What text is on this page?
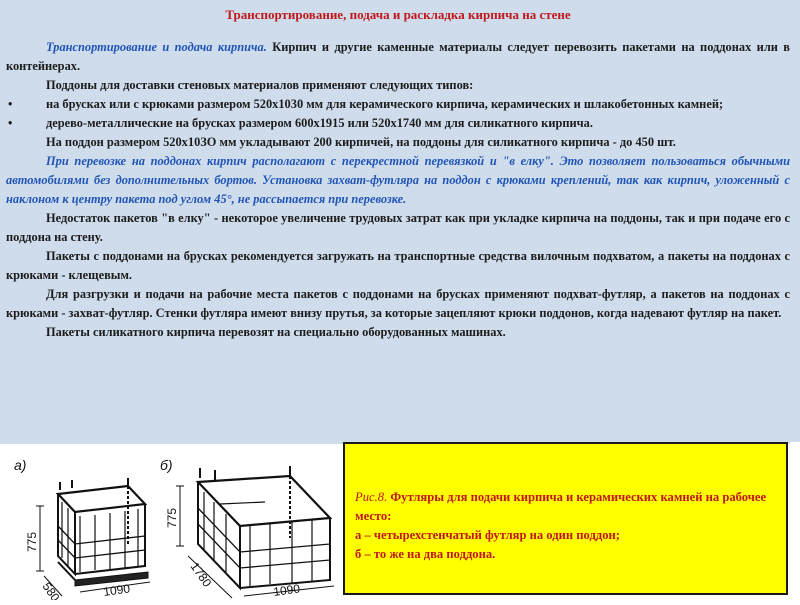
Транспортирование, подача и раскладка кирпича на стене

Транспортирование и подача кирпича. Кирпич и другие каменные материалы следует перевозить пакетами на поддонах или в контейнерах.

Поддоны для доставки стеновых материалов применяют следующих типов:

•	на брусках или с крюками размером 520x1030 мм для керамического кирпича, керамических и шлакобетонных камней;
•	дерево-металлические на брусках размером 600x1915 или 520x1740 мм для силикатного кирпича.

На поддон размером 520x10ЗО мм укладывают 200 кирпичей, на поддоны для силикатного кирпича - до 450 шт.

При перевозке на поддонах кирпич располагают с перекрестной перевязкой и "в елку". Это позволяет пользоваться обычными автомобилями без дополнительных бортов. Установка захват-футляра на поддон с крюками креплений, так как кирпич, уложенный с наклоном к центру пакета под углом 45°, не рассыпается при перевозке.

Недостаток пакетов "в елку" - некоторое увеличение трудовых затрат как при укладке кирпича на поддоны, так и при подаче его с поддона на стену.

Пакеты с поддонами на брусках рекомендуется загружать на транспортные средства вилочным подхватом, а пакеты на поддонах с крюками - клещевым.

Для разгрузки и подачи на рабочие места пакетов с поддонами на брусках применяют подхват-футляр, а пакетов на поддонах с крюками - захват-футляр. Стенки футляра имеют внизу прутья, за которые зацепляют крюки поддонов, когда надевают футляр на пакет.

Пакеты силикатного кирпича перевозят на специально оборудованных машинах.

а)
775
580	1090
б)
775
1780
1090
Рис.8. Футляры для подачи кирпича и керамических камней на рабочее место:
а – четырехстенчатый футляр на один поддон;
б – то же на два поддона.
